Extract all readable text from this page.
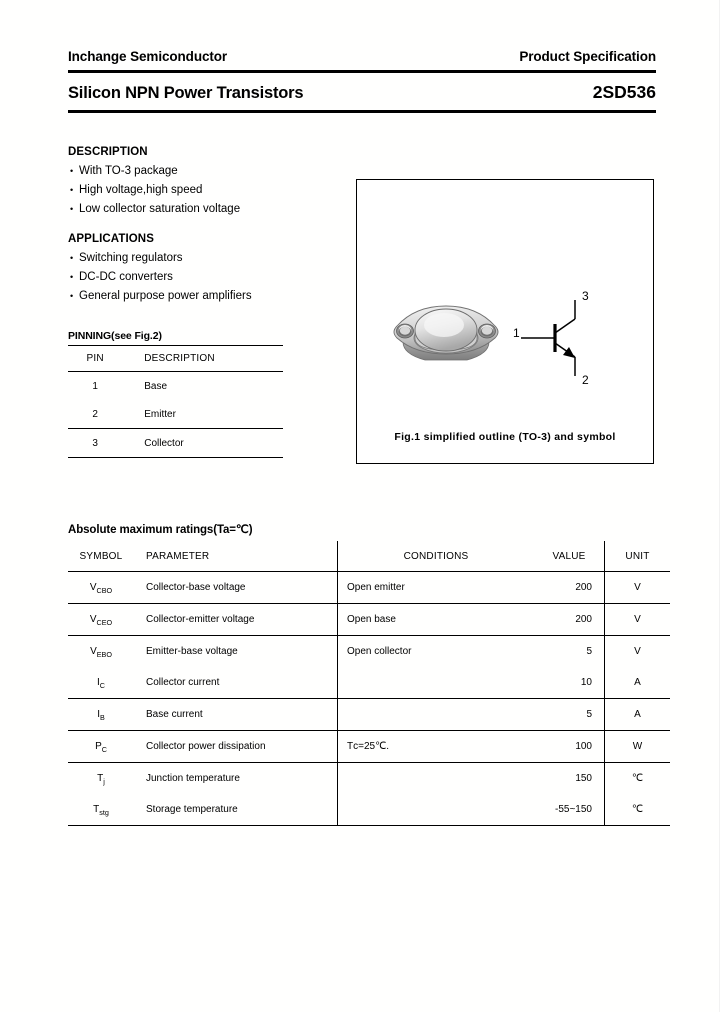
Inchange Semiconductor	Product Specification
Silicon NPN Power Transistors	2SD536
DESCRIPTION
• With TO-3 package
• High voltage,high speed
• Low collector saturation voltage
APPLICATIONS
• Switching regulators
• DC-DC converters
• General purpose power amplifiers
PINNING(see Fig.2)
PIN	DESCRIPTION
1	Base
2	Emitter
3	Collector

3
1
2
Fig.1 simplified outline (TO-3) and symbol
Absolute maximum ratings(Ta=℃)
SYMBOL	PARAMETER	CONDITIONS	VALUE	UNIT
$V_{CBO}$	Collector-base voltage	Open emitter	200	V
$V_{CEO}$	Collector-emitter voltage	Open base	200	V
$V_{EBO}$	Emitter-base voltage	Open collector	5	V
$I_C$	Collector current		10	A
$I_B$	Base current		5	A
$P_C$	Collector power dissipation	Tᴄ=25℃.	100	W
$T_j$	Junction temperature		150	℃
$T_{stg}$	Storage temperature		-55~150	℃
